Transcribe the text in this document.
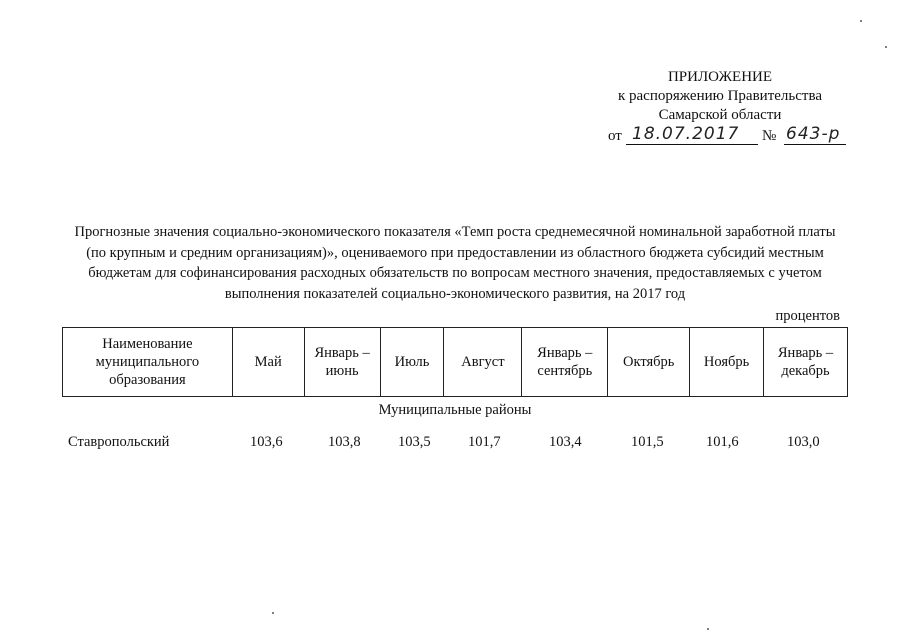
ПРИЛОЖЕНИЕ
к распоряжению Правительства
Самарской области
от 18.07.2017 № 643-р
Прогнозные значения социально-экономического показателя «Темп роста среднемесячной номинальной заработной платы (по крупным и средним организациям)», оцениваемого при предоставлении из областного бюджета субсидий местным бюджетам для софинансирования расходных обязательств по вопросам местного значения, предоставляемых с учетом выполнения показателей социально-экономического развития, на 2017 год
процентов
Наименование муниципального образования	Май	Январь – июнь	Июль	Август	Январь – сентябрь	Октябрь	Ноябрь	Январь – декабрь
Муниципальные районы
Ставропольский	103,6	103,8	103,5	101,7	103,4	101,5	101,6	103,0
